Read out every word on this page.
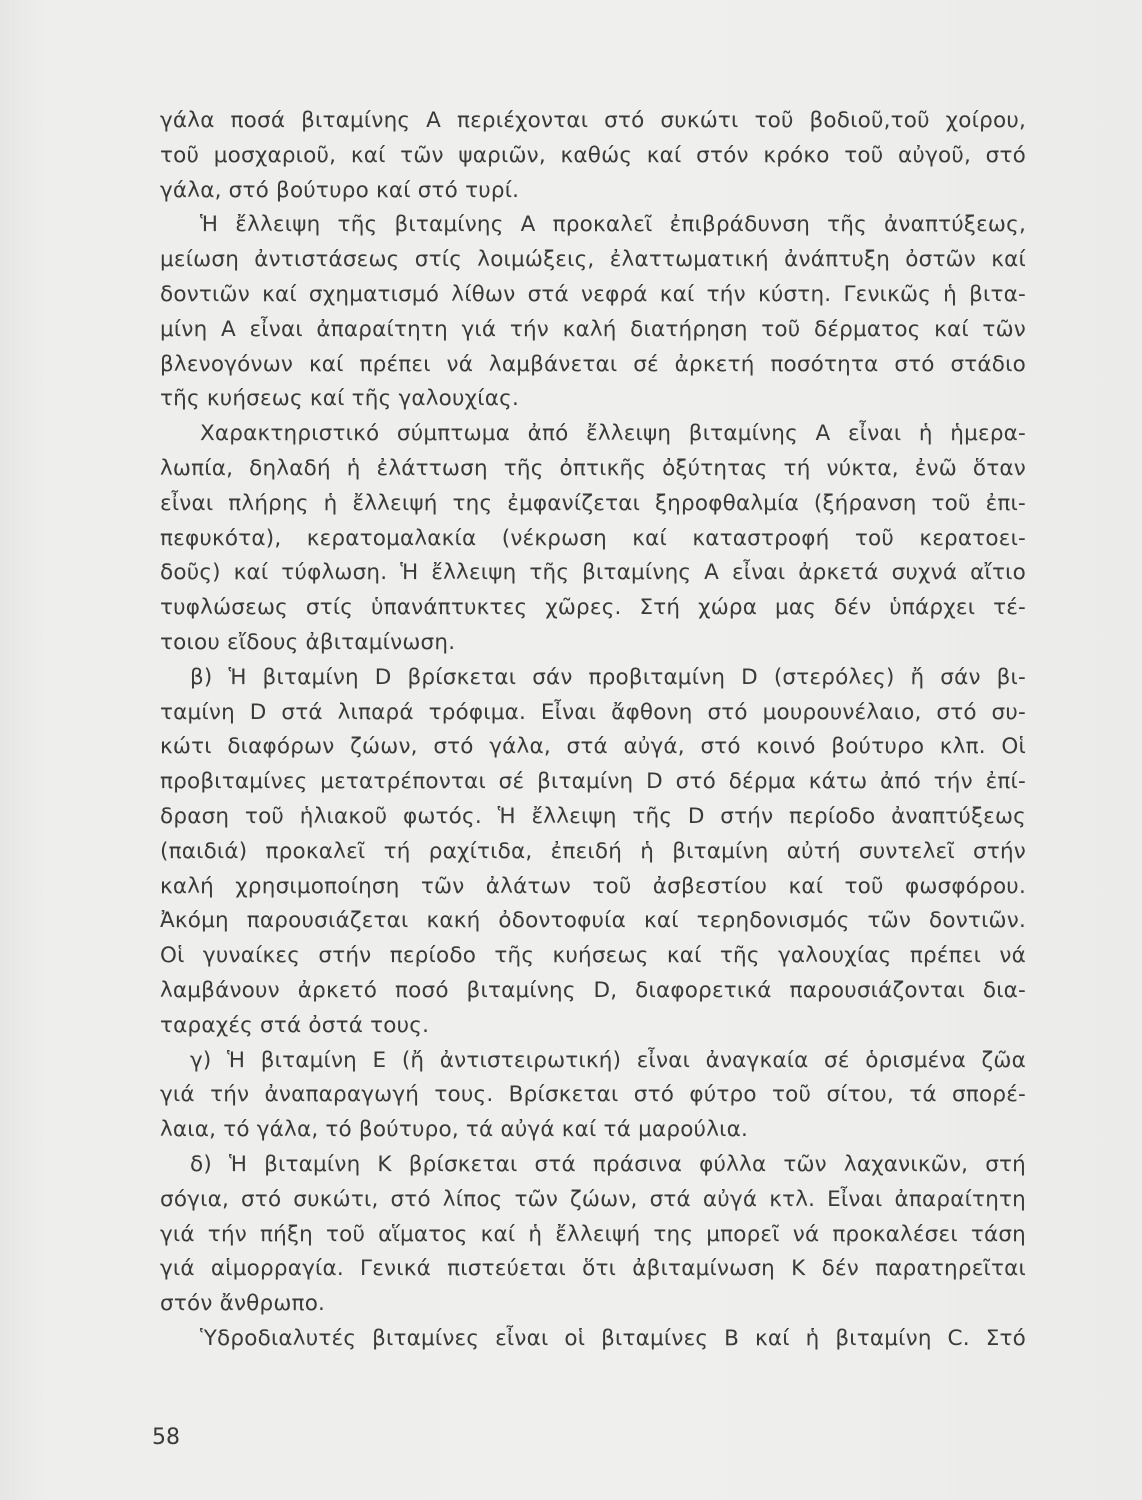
γάλα ποσά βιταμίνης Α περιέχονται στό συκώτι τοῦ βοδιοῦ,τοῦ χοίρου,
τοῦ μοσχαριοῦ, καί τῶν ψαριῶν, καθώς καί στόν κρόκο τοῦ αὐγοῦ, στό
γάλα, στό βούτυρο καί στό τυρί.
Ἡ ἔλλειψη τῆς βιταμίνης Α προκαλεῖ ἐπιβράδυνση τῆς ἀναπτύξεως,
μείωση ἀντιστάσεως στίς λοιμώξεις, ἐλαττωματική ἀνάπτυξη ὀστῶν καί
δοντιῶν καί σχηματισμό λίθων στά νεφρά καί τήν κύστη. Γενικῶς ἡ βιτα-
μίνη Α εἶναι ἀπαραίτητη γιά τήν καλή διατήρηση τοῦ δέρματος καί τῶν
βλενογόνων καί πρέπει νά λαμβάνεται σέ ἀρκετή ποσότητα στό στάδιο
τῆς κυήσεως καί τῆς γαλουχίας.
Χαρακτηριστικό σύμπτωμα ἀπό ἔλλειψη βιταμίνης Α εἶναι ἡ ἡμερα-
λωπία, δηλαδή ἡ ἐλάττωση τῆς ὀπτικῆς ὀξύτητας τή νύκτα, ἐνῶ ὅταν
εἶναι πλήρης ἡ ἔλλειψή της ἐμφανίζεται ξηροφθαλμία (ξήρανση τοῦ ἐπι-
πεφυκότα), κερατομαλακία (νέκρωση καί καταστροφή τοῦ κερατοει-
δοῦς) καί τύφλωση. Ἡ ἔλλειψη τῆς βιταμίνης Α εἶναι ἀρκετά συχνά αἴτιο
τυφλώσεως στίς ὑπανάπτυκτες χῶρες. Στή χώρα μας δέν ὑπάρχει τέ-
τοιου εἴδους ἀβιταμίνωση.
β) Ἡ βιταμίνη D βρίσκεται σάν προβιταμίνη D (στερόλες) ἤ σάν βι-
ταμίνη D στά λιπαρά τρόφιμα. Εἶναι ἄφθονη στό μουρουνέλαιο, στό συ-
κώτι διαφόρων ζώων, στό γάλα, στά αὐγά, στό κοινό βούτυρο κλπ. Οἱ
προβιταμίνες μετατρέπονται σέ βιταμίνη D στό δέρμα κάτω ἀπό τήν ἐπί-
δραση τοῦ ἡλιακοῦ φωτός. Ἡ ἔλλειψη τῆς D στήν περίοδο ἀναπτύξεως
(παιδιά) προκαλεῖ τή ραχίτιδα, ἐπειδή ἡ βιταμίνη αὐτή συντελεῖ στήν
καλή χρησιμοποίηση τῶν ἀλάτων τοῦ ἀσβεστίου καί τοῦ φωσφόρου.
Ἀκόμη παρουσιάζεται κακή ὀδοντοφυία καί τερηδονισμός τῶν δοντιῶν.
Οἱ γυναίκες στήν περίοδο τῆς κυήσεως καί τῆς γαλουχίας πρέπει νά
λαμβάνουν ἀρκετό ποσό βιταμίνης D, διαφορετικά παρουσιάζονται δια-
ταραχές στά ὀστά τους.
γ) Ἡ βιταμίνη Ε (ἤ ἀντιστειρωτική) εἶναι ἀναγκαία σέ ὁρισμένα ζῶα
γιά τήν ἀναπαραγωγή τους. Βρίσκεται στό φύτρο τοῦ σίτου, τά σπορέ-
λαια, τό γάλα, τό βούτυρο, τά αὐγά καί τά μαρούλια.
δ) Ἡ βιταμίνη Κ βρίσκεται στά πράσινα φύλλα τῶν λαχανικῶν, στή
σόγια, στό συκώτι, στό λίπος τῶν ζώων, στά αὐγά κτλ. Εἶναι ἀπαραίτητη
γιά τήν πήξη τοῦ αἵματος καί ἡ ἔλλειψή της μπορεῖ νά προκαλέσει τάση
γιά αἱμορραγία. Γενικά πιστεύεται ὅτι ἀβιταμίνωση Κ δέν παρατηρεῖται
στόν ἄνθρωπο.
Ὑδροδιαλυτές βιταμίνες εἶναι οἱ βιταμίνες Β καί ἡ βιταμίνη C. Στό
58
